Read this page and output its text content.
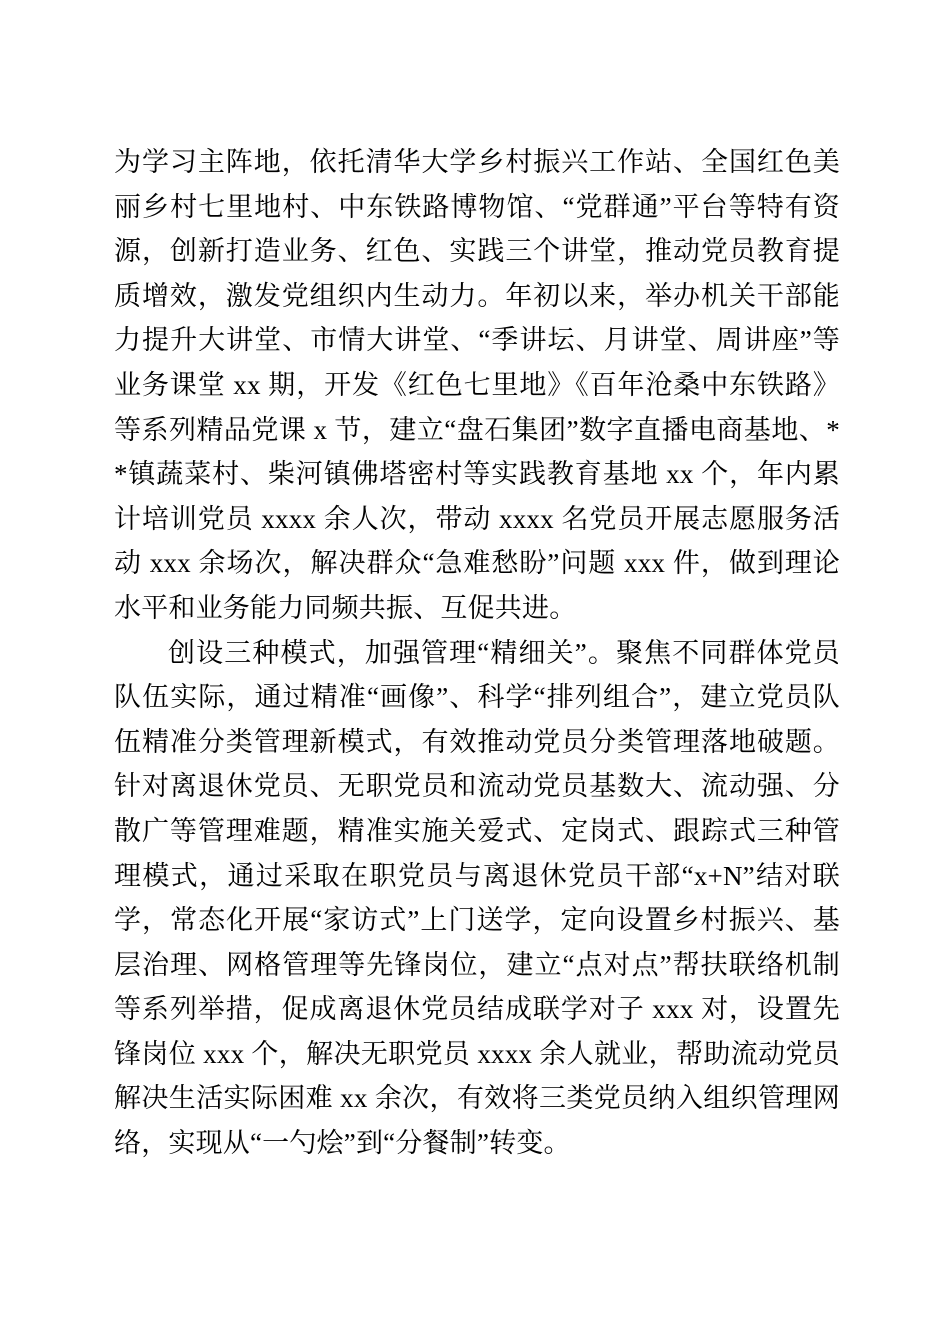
为学习主阵地，依托清华大学乡村振兴工作站、全国红色美丽乡村七里地村、中东铁路博物馆、“党群通”平台等特有资源，创新打造业务、红色、实践三个讲堂，推动党员教育提质增效，激发党组织内生动力。年初以来，举办机关干部能力提升大讲堂、市情大讲堂、“季讲坛、月讲堂、周讲座”等业务课堂 xx 期，开发《红色七里地》《百年沧桑中东铁路》等系列精品党课 x 节，建立“盘石集团”数字直播电商基地、**镇蔬菜村、柴河镇佛塔密村等实践教育基地 xx 个，年内累计培训党员 xxxx 余人次，带动 xxxx 名党员开展志愿服务活动 xxx 余场次，解决群众“急难愁盼”问题 xxx 件，做到理论水平和业务能力同频共振、互促共进。

创设三种模式，加强管理“精细关”。聚焦不同群体党员队伍实际，通过精准“画像”、科学“排列组合”，建立党员队伍精准分类管理新模式，有效推动党员分类管理落地破题。针对离退休党员、无职党员和流动党员基数大、流动强、分散广等管理难题，精准实施关爱式、定岗式、跟踪式三种管理模式，通过采取在职党员与离退休党员干部“x+N”结对联学，常态化开展“家访式”上门送学，定向设置乡村振兴、基层治理、网格管理等先锋岗位，建立“点对点”帮扶联络机制等系列举措，促成离退休党员结成联学对子 xxx 对，设置先锋岗位 xxx 个，解决无职党员 xxxx 余人就业，帮助流动党员解决生活实际困难 xx 余次，有效将三类党员纳入组织管理网络，实现从“一勺烩”到“分餐制”转变。
